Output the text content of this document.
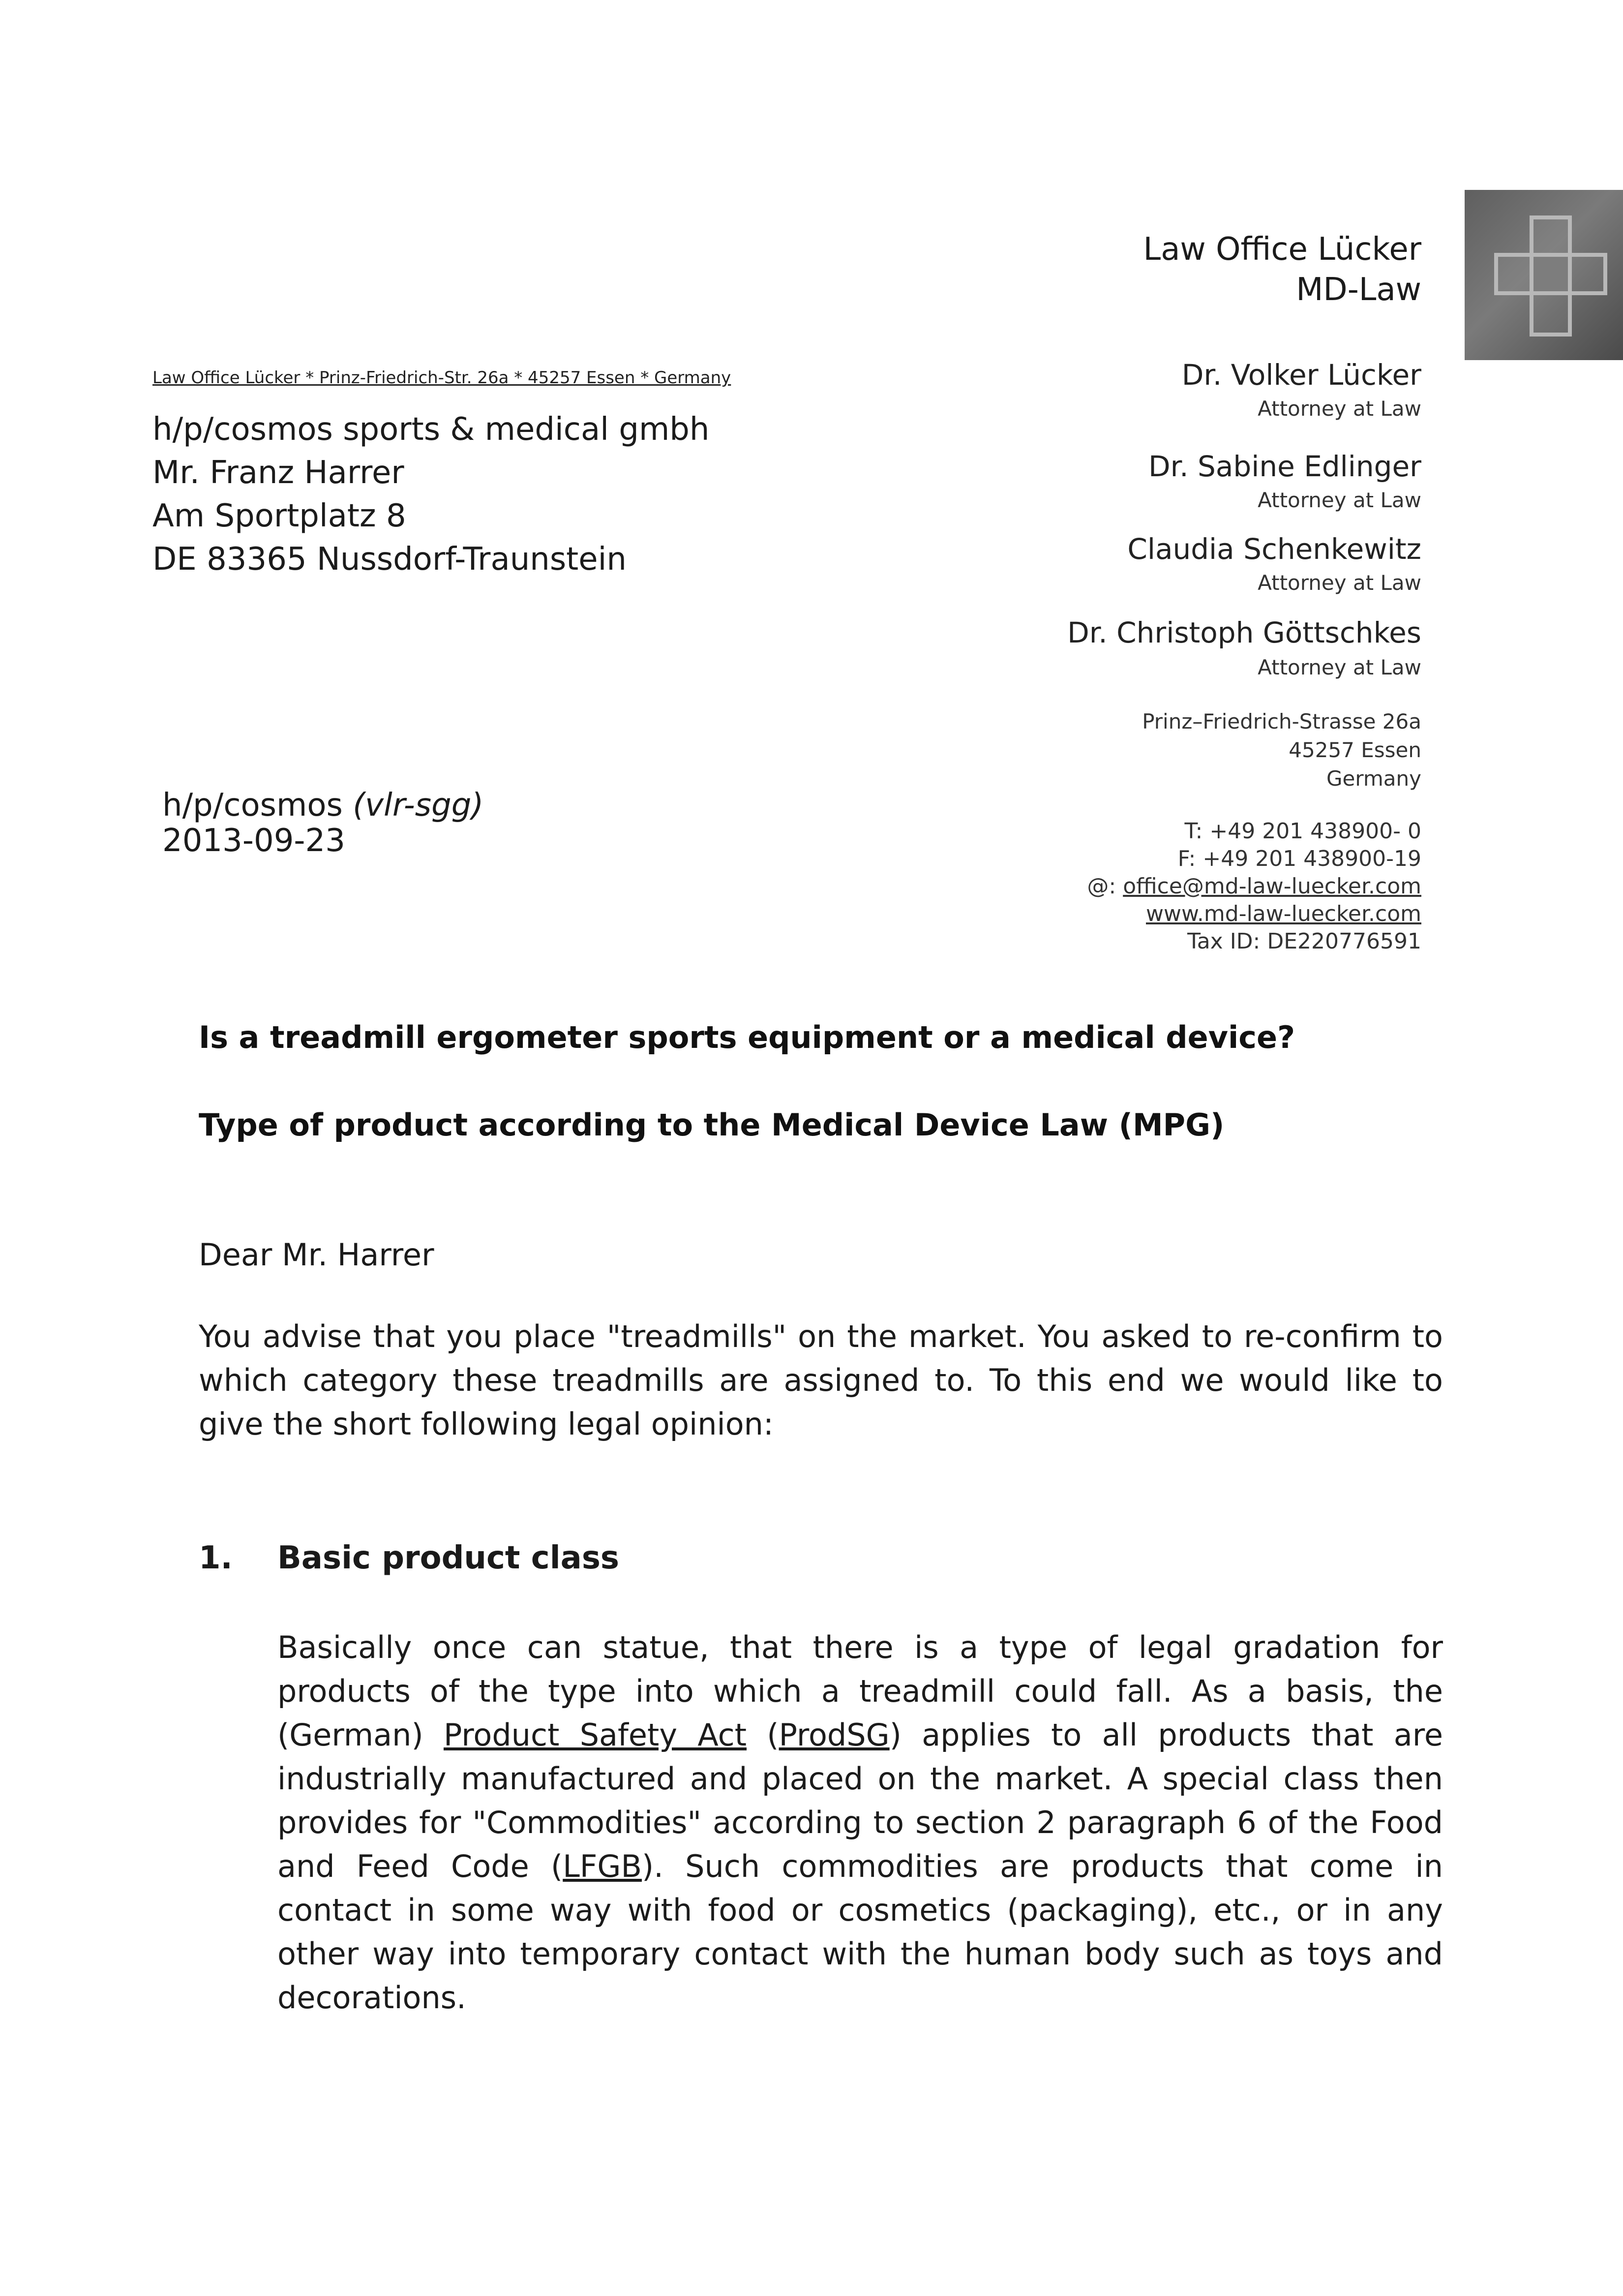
Law Office Lücker
MD-Law
Dr. Volker Lücker
Attorney at Law
Dr. Sabine Edlinger
Attorney at Law
Claudia Schenkewitz
Attorney at Law
Dr. Christoph Göttschkes
Attorney at Law
Prinz–Friedrich-Strasse 26a
45257 Essen
Germany
T: +49 201 438900- 0
F: +49 201 438900-19
@: office@md-law-luecker.com
www.md-law-luecker.com
Tax ID: DE220776591
Law Office Lücker * Prinz-Friedrich-Str. 26a * 45257 Essen * Germany
h/p/cosmos sports & medical gmbh
Mr. Franz Harrer
Am Sportplatz 8
DE 83365 Nussdorf-Traunstein
h/p/cosmos (vlr-sgg)
2013-09-23
Is a treadmill ergometer sports equipment or a medical device?
Type of product according to the Medical Device Law (MPG)
Dear Mr. Harrer
You advise that you place "treadmills" on the market. You asked to re-confirm to which category these treadmills are assigned to. To this end we would like to give the short following legal opinion:
1. Basic product class
Basically once can statue, that there is a type of legal gradation for products of the type into which a treadmill could fall. As a basis, the (German) Product Safety Act (ProdSG) applies to all products that are industrially manufactured and placed on the market. A special class then provides for "Commodities" according to section 2 paragraph 6 of the Food and Feed Code (LFGB). Such commodities are products that come in contact in some way with food or cosmetics (packaging), etc., or in any other way into temporary contact with the human body such as toys and decorations.
